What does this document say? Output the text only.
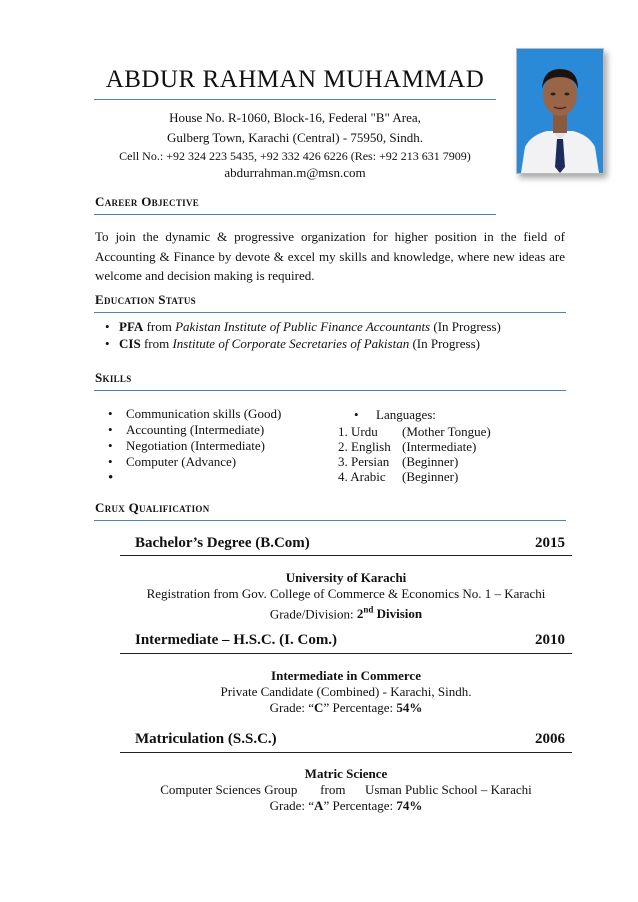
ABDUR RAHMAN MUHAMMAD
House No. R-1060, Block-16, Federal "B" Area,
Gulberg Town, Karachi (Central) - 75950, Sindh.
Cell No.: +92 324 223 5435, +92 332 426 6226 (Res: +92 213 631 7909)
abdurrahman.m@msn.com
Career Objective
To join the dynamic & progressive organization for higher position in the field of Accounting & Finance by devote & excel my skills and knowledge, where new ideas are welcome and decision making is required.
Education Status
• PFA from Pakistan Institute of Public Finance Accountants (In Progress)
• CIS from Institute of Corporate Secretaries of Pakistan (In Progress)
Skills
• Communication skills (Good)
• Accounting (Intermediate)
• Negotiation (Intermediate)
• Computer (Advance)
•
• Languages:
1. Urdu (Mother Tongue)
2. English (Intermediate)
3. Persian (Beginner)
4. Arabic (Beginner)
Crux Qualification
Bachelor’s Degree (B.Com)	2015
University of Karachi
Registration from Gov. College of Commerce & Economics No. 1 – Karachi
Grade/Division: 2nd Division
Intermediate – H.S.C. (I. Com.)	2010
Intermediate in Commerce
Private Candidate (Combined) - Karachi, Sindh.
Grade: “C” Percentage: 54%
Matriculation (S.S.C.)	2006
Matric Science
Computer Sciences Group       from      Usman Public School – Karachi
Grade: “A” Percentage: 74%
